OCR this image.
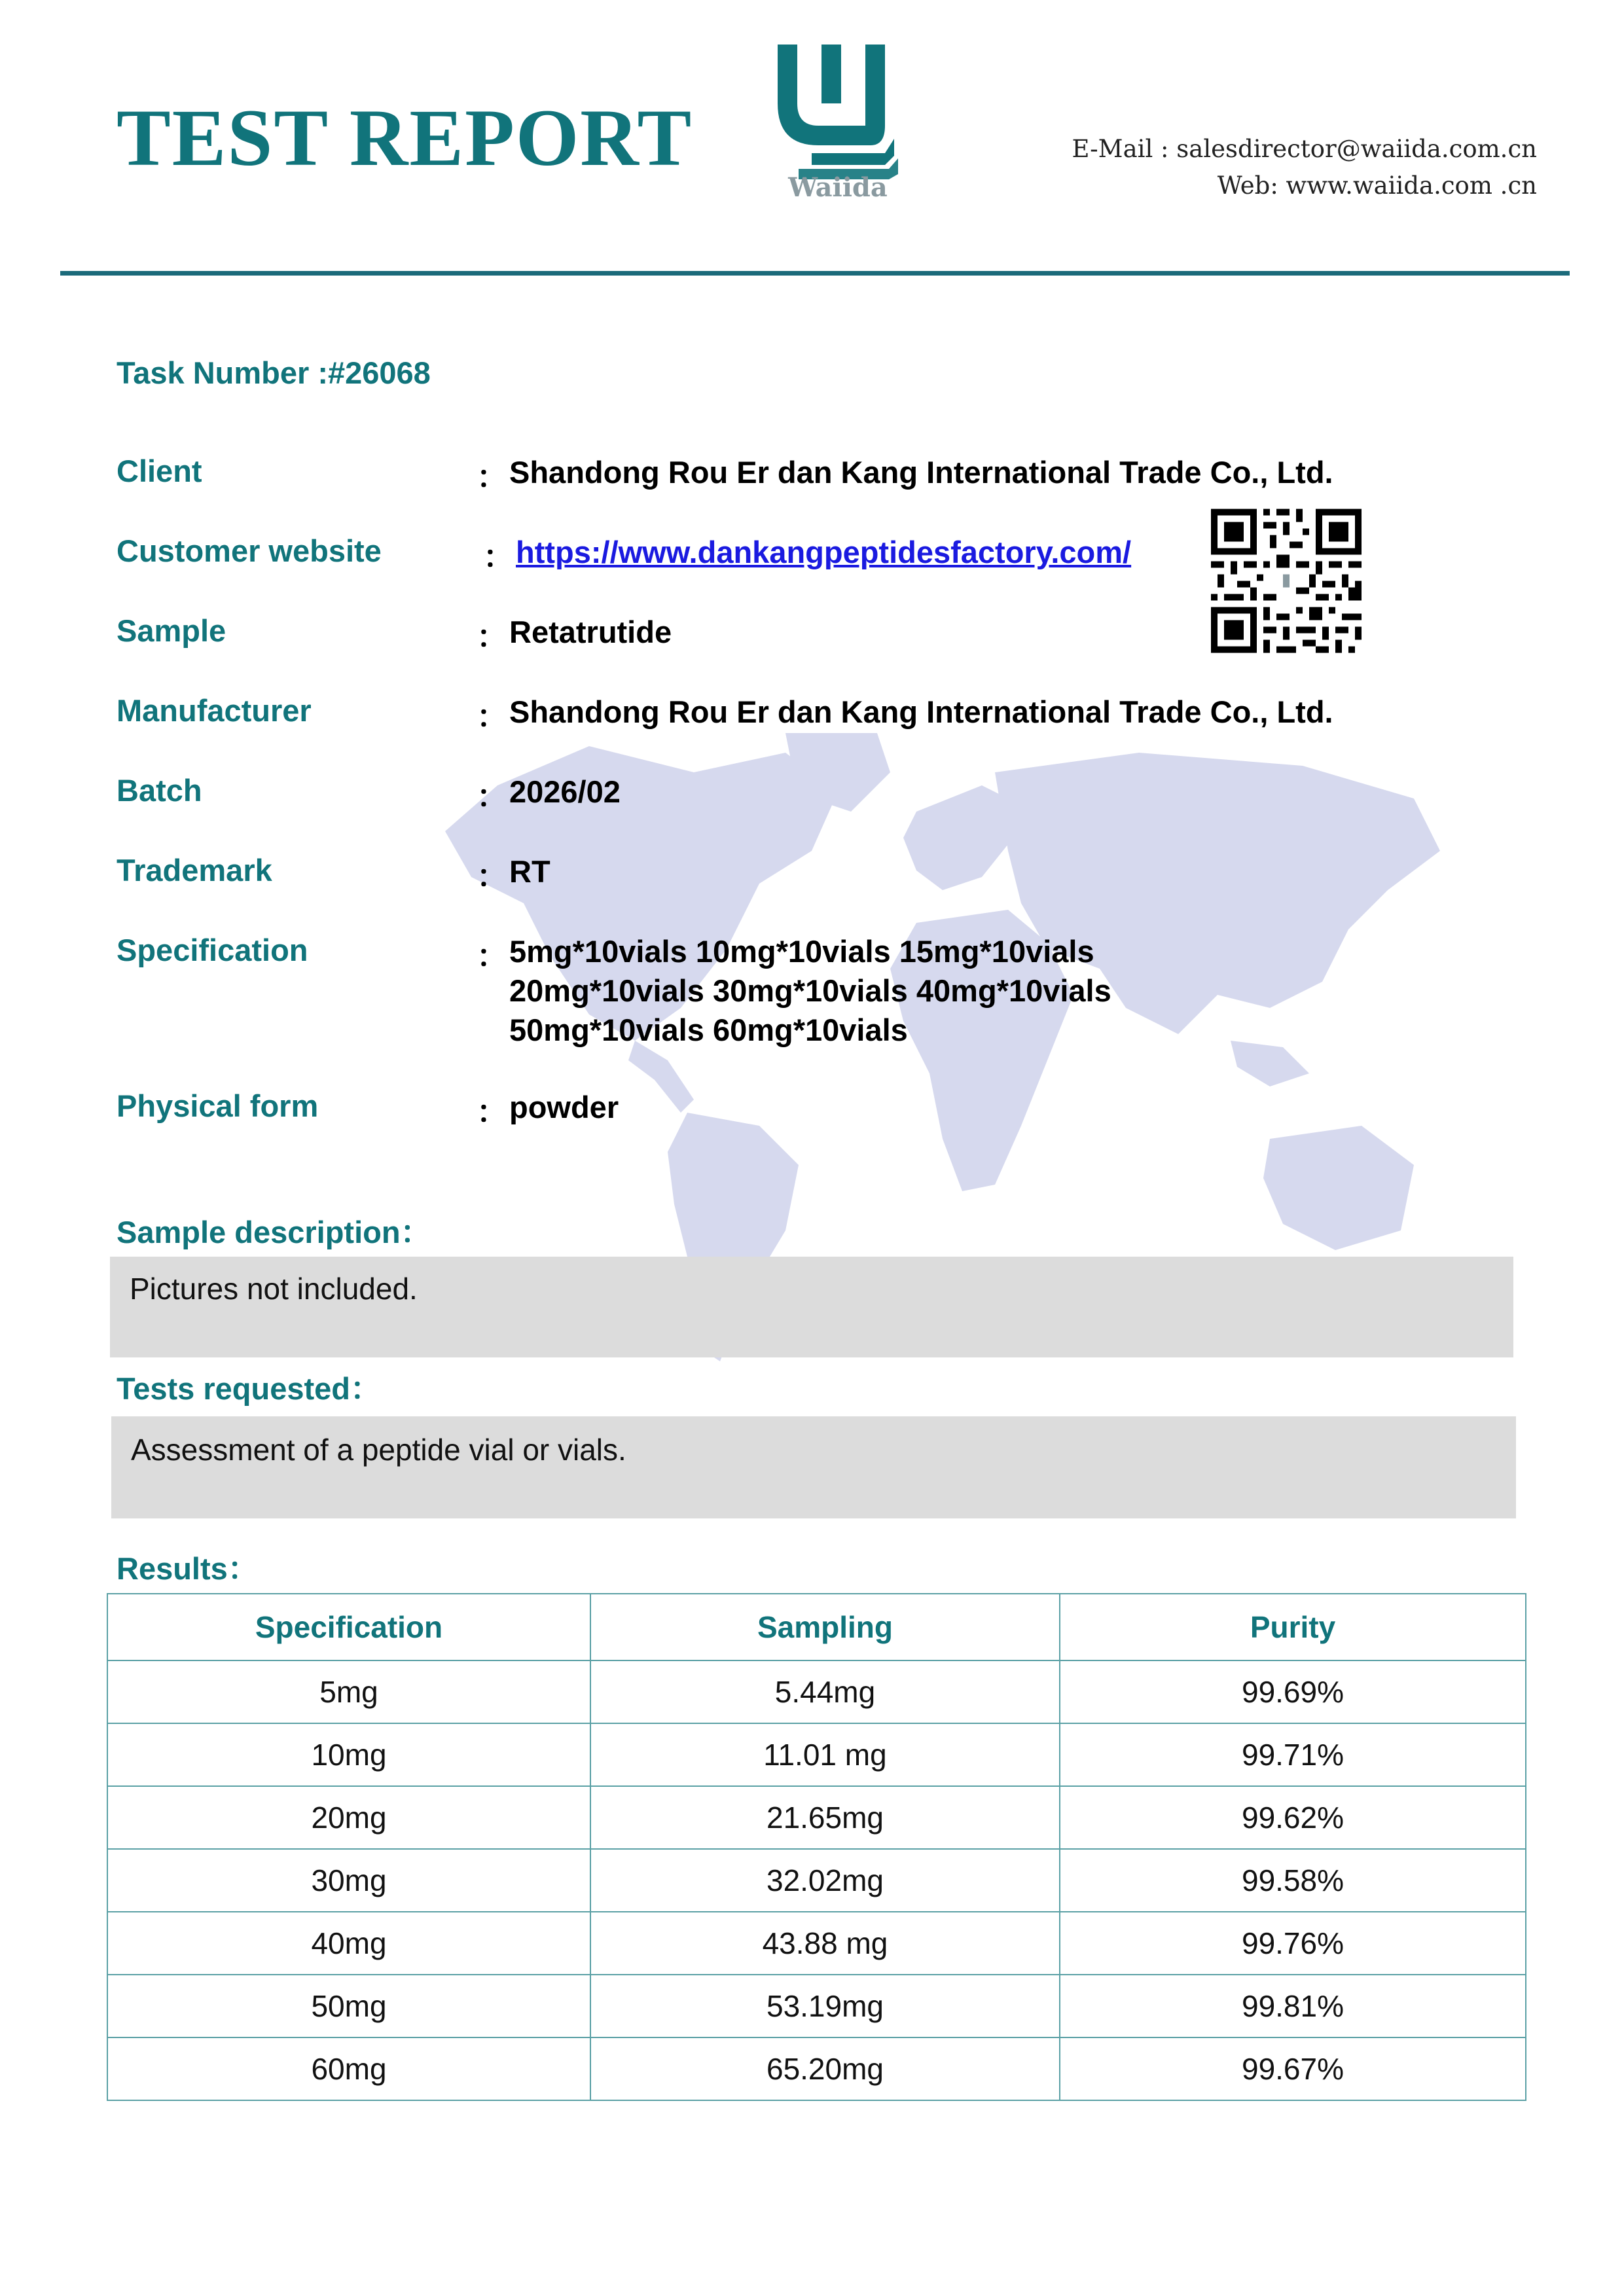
TEST REPORT
Waiida
E-Mail : salesdirector@waiida.com.cn
Web: www.waiida.com .cn
Task Number :#26068
Client	： Shandong Rou Er dan Kang International Trade Co., Ltd.
Customer website	： https://www.dankangpeptidesfactory.com/
Sample	： Retatrutide
Manufacturer	： Shandong Rou Er dan Kang International Trade Co., Ltd.
Batch	： 2026/02
Trademark	： RT
Specification	： 5mg*10vials 10mg*10vials 15mg*10vials
20mg*10vials 30mg*10vials 40mg*10vials
50mg*10vials 60mg*10vials
Physical form	： powder
Sample description：
Pictures not included.
Tests requested：
Assessment of a peptide vial or vials.
Results：
Specification	Sampling	Purity
5mg	5.44mg	99.69%
10mg	11.01 mg	99.71%
20mg	21.65mg	99.62%
30mg	32.02mg	99.58%
40mg	43.88 mg	99.76%
50mg	53.19mg	99.81%
60mg	65.20mg	99.67%
